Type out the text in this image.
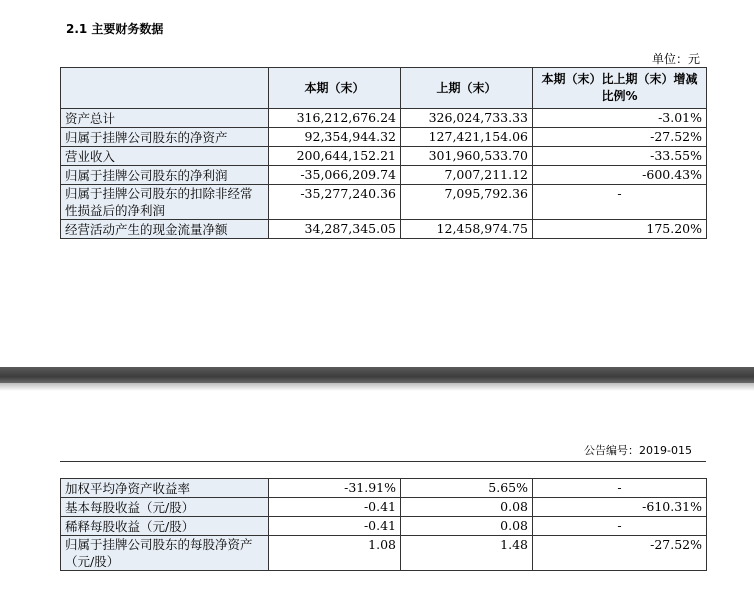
2.1 主要财务数据
单位：元
	本期（末）	上期（末）	本期（末）比上期（末）增减比例%
资产总计	316,212,676.24	326,024,733.33	-3.01%
归属于挂牌公司股东的净资产	92,354,944.32	127,421,154.06	-27.52%
营业收入	200,644,152.21	301,960,533.70	-33.55%
归属于挂牌公司股东的净利润	-35,066,209.74	7,007,211.12	-600.43%
归属于挂牌公司股东的扣除非经常性损益后的净利润	-35,277,240.36	7,095,792.36	-
经营活动产生的现金流量净额	34,287,345.05	12,458,974.75	175.20%
公告编号：2019-015
加权平均净资产收益率	-31.91%	5.65%	-
基本每股收益（元/股）	-0.41	0.08	-610.31%
稀释每股收益（元/股）	-0.41	0.08	-
归属于挂牌公司股东的每股净资产（元/股）	1.08	1.48	-27.52%
